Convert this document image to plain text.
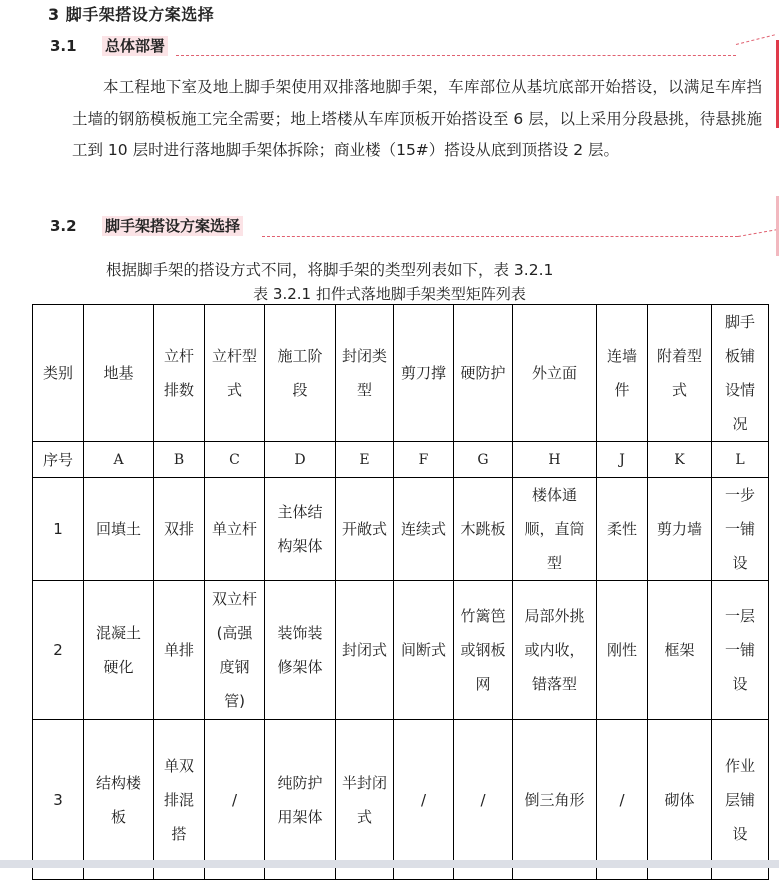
3 脚手架搭设方案选择
3.1 总体部署
本工程地下室及地上脚手架使用双排落地脚手架，车库部位从基坑底部开始搭设，以满足车库挡土墙的钢筋模板施工完全需要；地上塔楼从车库顶板开始搭设至 6 层，以上采用分段悬挑，待悬挑施工到 10 层时进行落地脚手架体拆除；商业楼（15#）搭设从底到顶搭设 2 层。
3.2 脚手架搭设方案选择
根据脚手架的搭设方式不同，将脚手架的类型列表如下，表 3.2.1
表 3.2.1 扣件式落地脚手架类型矩阵列表
类别	地基	立杆排数	立杆型式	施工阶段	封闭类型	剪刀撑	硬防护	外立面	连墙件	附着型式	脚手板铺设情况
序号	A	B	C	D	E	F	G	H	J	K	L
1	回填土	双排	单立杆	主体结构架体	开敞式	连续式	木跳板	楼体通顺，直筒型	柔性	剪力墙	一步一铺设
2	混凝土硬化	单排	双立杆(高强度钢管)	装饰装修架体	封闭式	间断式	竹篱笆或钢板网	局部外挑或内收，错落型	刚性	框架	一层一铺设
3	结构楼板	单双排混搭	/	纯防护用架体	半封闭式	/	/	倒三角形	/	砌体	作业层铺设
